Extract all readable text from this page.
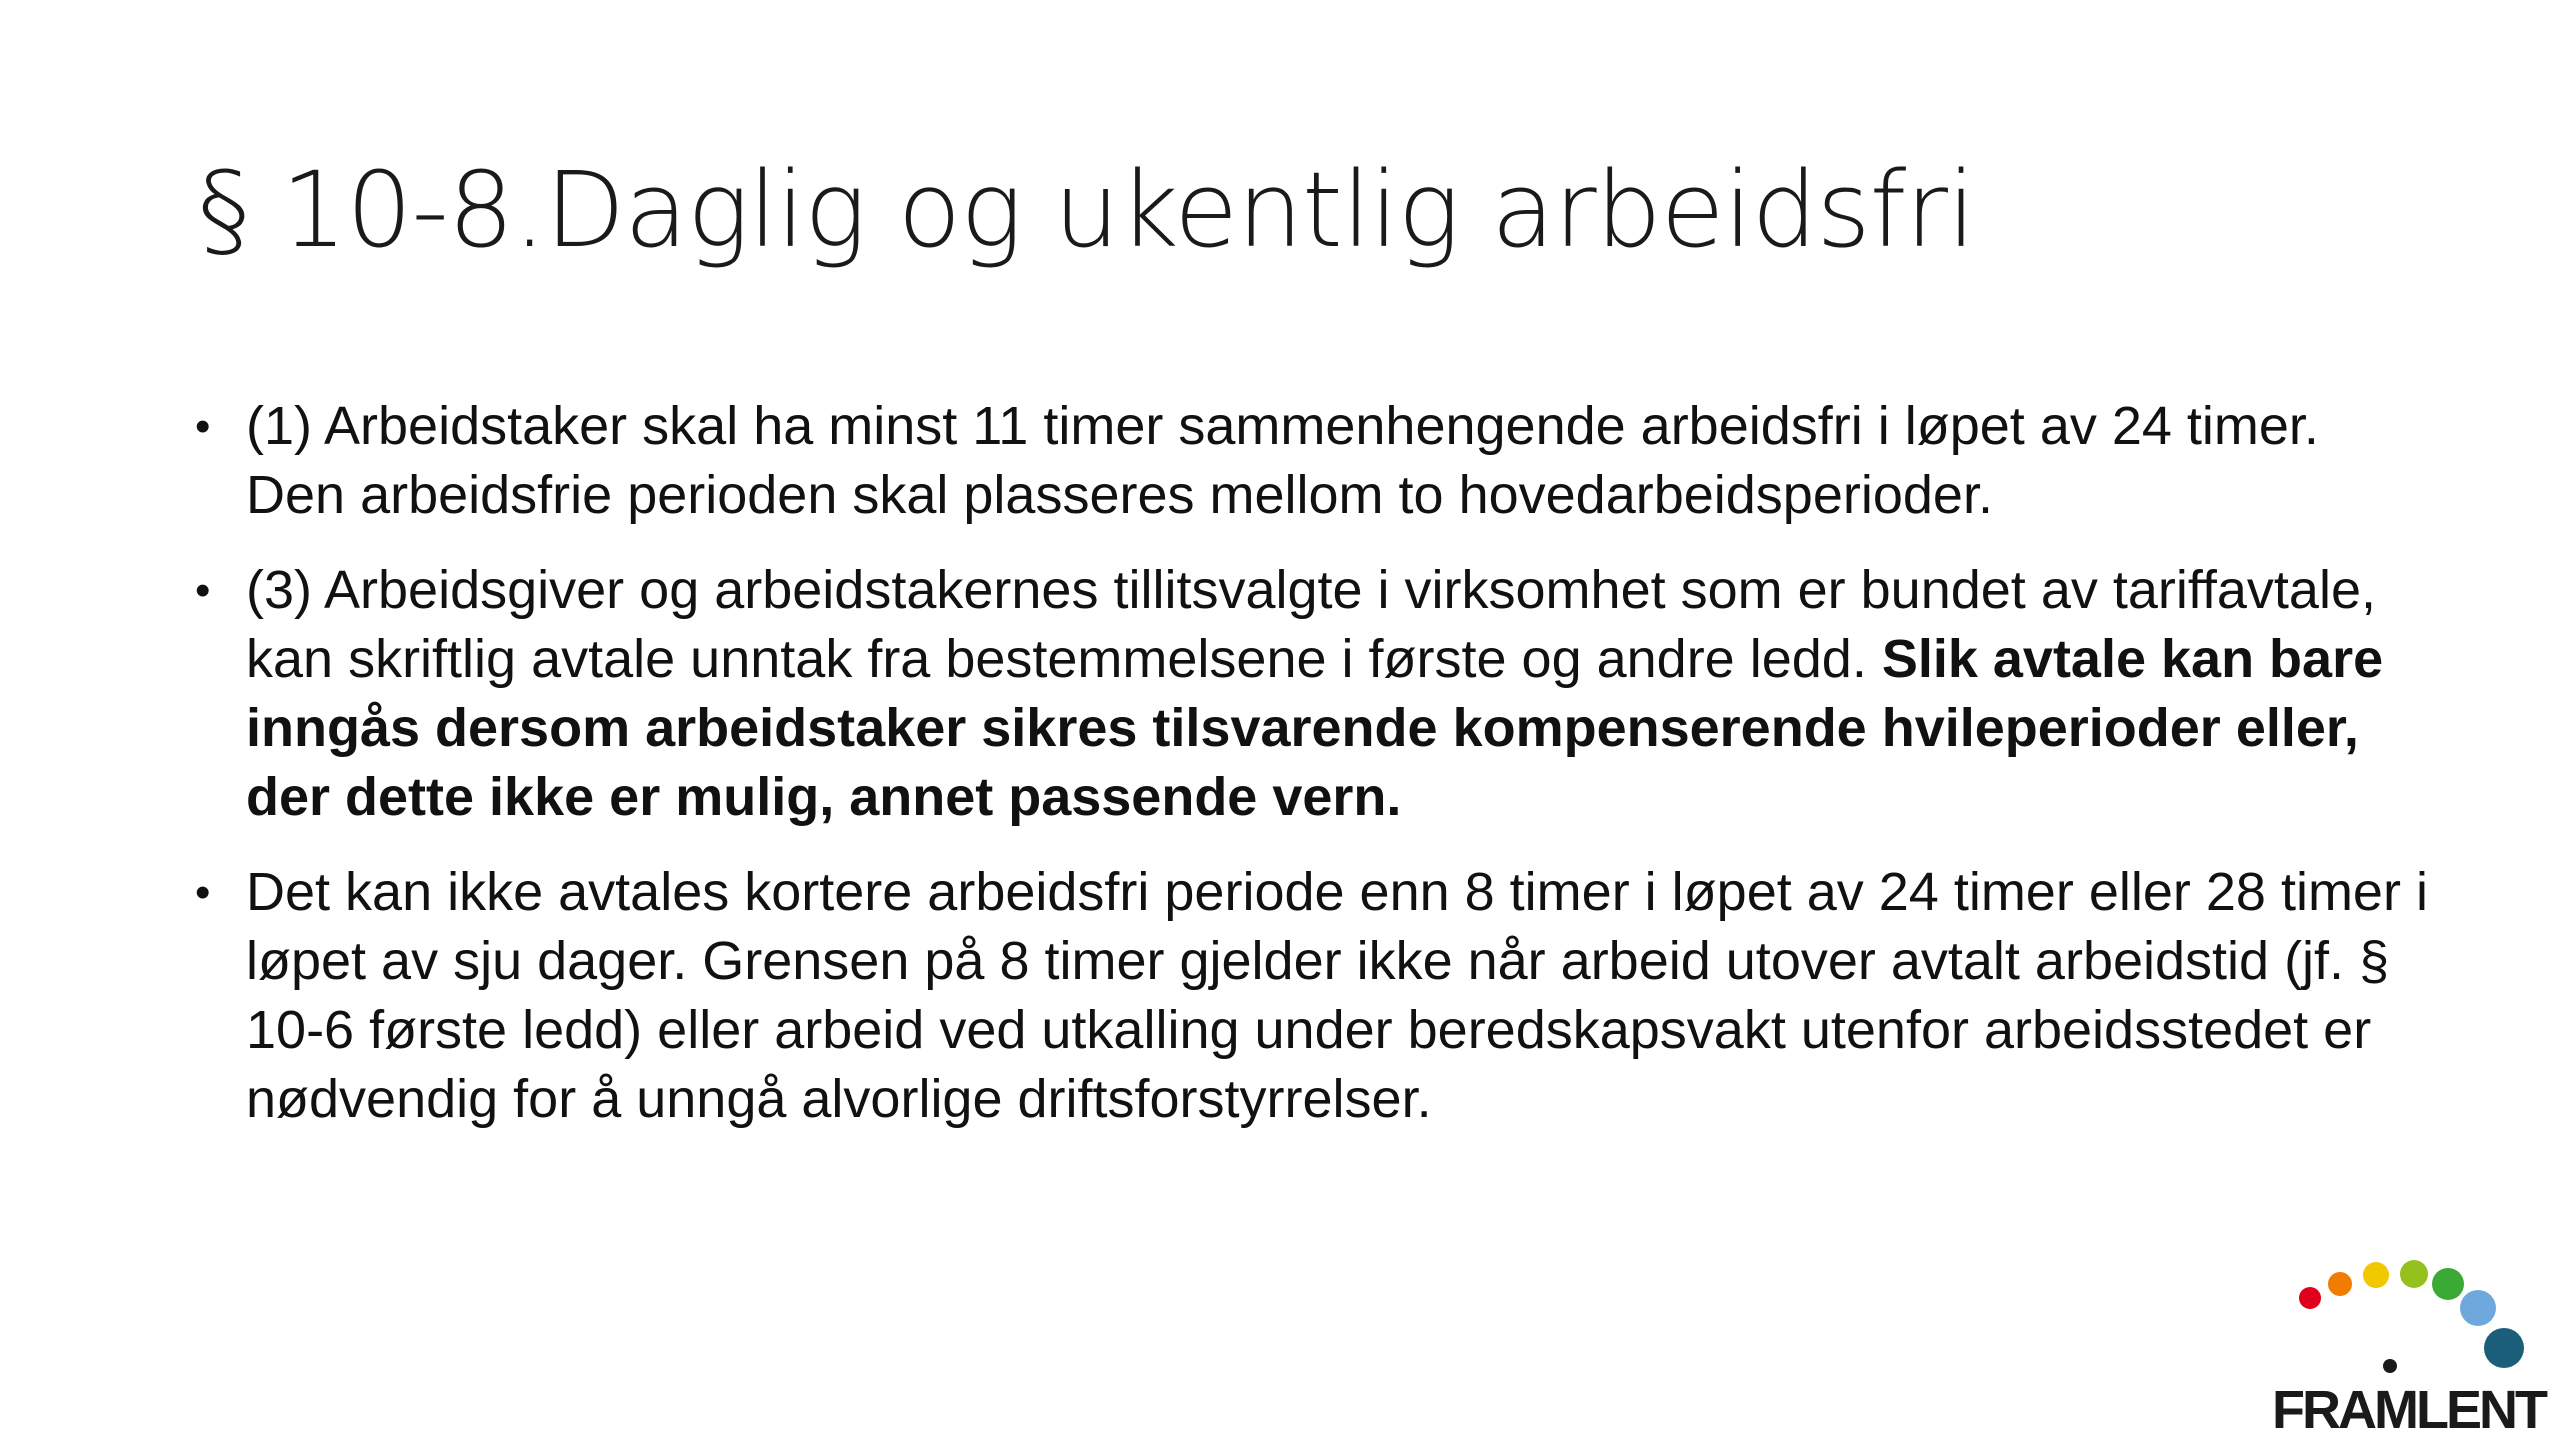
§ 10-8.Daglig og ukentlig arbeidsfri
• (1) Arbeidstaker skal ha minst 11 timer sammenhengende arbeidsfri i løpet av 24 timer. Den arbeidsfrie perioden skal plasseres mellom to hovedarbeidsperioder.
• (3) Arbeidsgiver og arbeidstakernes tillitsvalgte i virksomhet som er bundet av tariffavtale, kan skriftlig avtale unntak fra bestemmelsene i første og andre ledd. Slik avtale kan bare inngås dersom arbeidstaker sikres tilsvarende kompenserende hvileperioder eller, der dette ikke er mulig, annet passende vern.
• Det kan ikke avtales kortere arbeidsfri periode enn 8 timer i løpet av 24 timer eller 28 timer i løpet av sju dager. Grensen på 8 timer gjelder ikke når arbeid utover avtalt arbeidstid (jf. § 10-6 første ledd) eller arbeid ved utkalling under beredskapsvakt utenfor arbeidsstedet er nødvendig for å unngå alvorlige driftsforstyrrelser.
FRAMLENT
